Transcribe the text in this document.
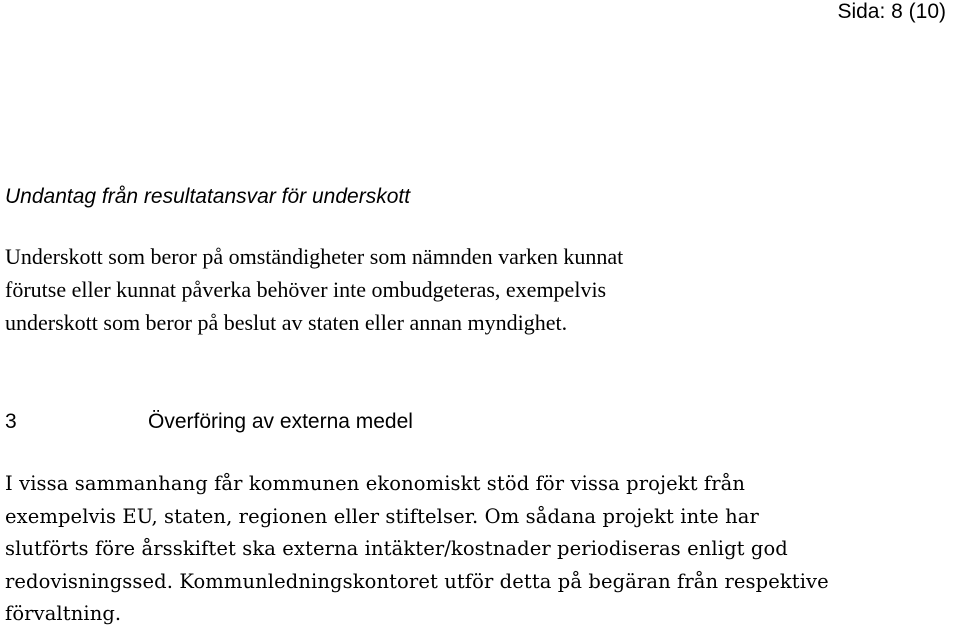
Sida: 8 (10)
Undantag från resultatansvar för underskott
Underskott som beror på omständigheter som nämnden varken kunnat
förutse eller kunnat påverka behöver inte ombudgeteras, exempelvis
underskott som beror på beslut av staten eller annan myndighet.
3	Överföring av externa medel
I vissa sammanhang får kommunen ekonomiskt stöd för vissa projekt från
exempelvis EU, staten, regionen eller stiftelser. Om sådana projekt inte har
slutförts före årsskiftet ska externa intäkter/kostnader periodiseras enligt god
redovisningssed. Kommunledningskontoret utför detta på begäran från respektive
förvaltning.
